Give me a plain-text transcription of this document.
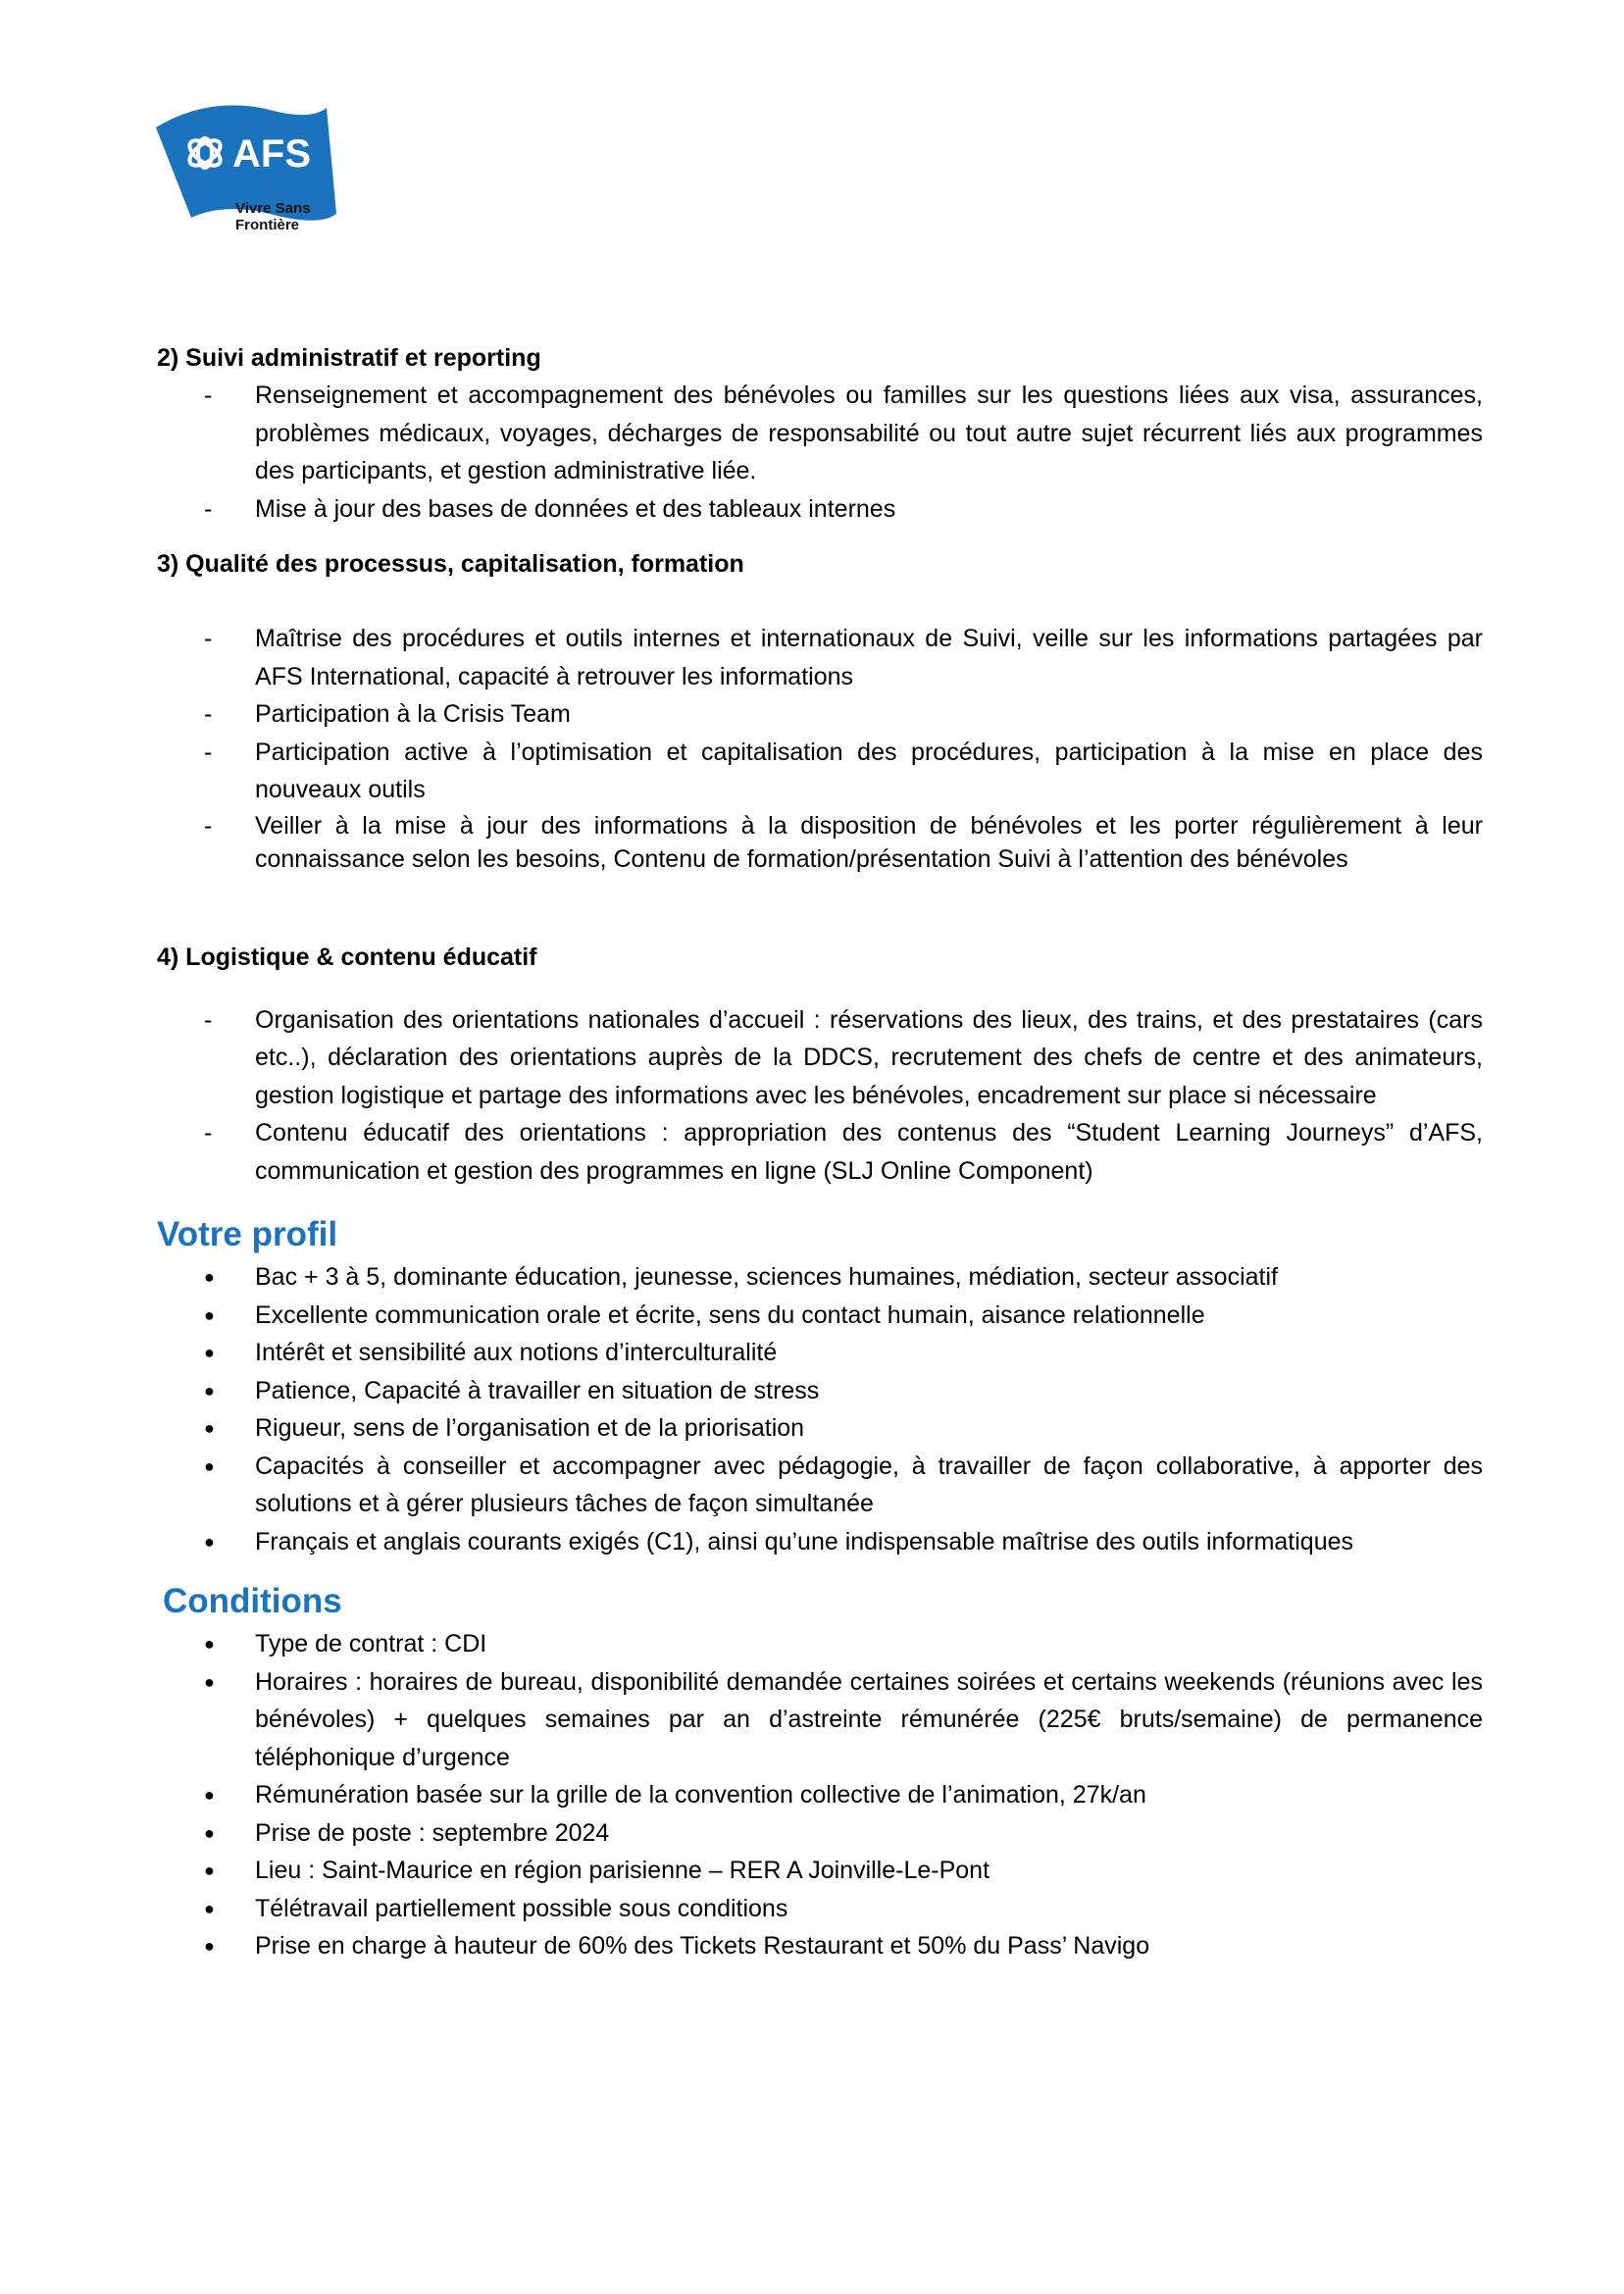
AFS
Vivre Sans
Frontière

2) Suivi administratif et reporting

-	Renseignement et accompagnement des bénévoles ou familles sur les questions liées aux visa, assurances, problèmes médicaux, voyages, décharges de responsabilité ou tout autre sujet récurrent liés aux programmes des participants, et gestion administrative liée.
-	Mise à jour des bases de données et des tableaux internes

3) Qualité des processus, capitalisation, formation

-	Maîtrise des procédures et outils internes et internationaux de Suivi, veille sur les informations partagées par AFS International, capacité à retrouver les informations
-	Participation à la Crisis Team
-	Participation active à l’optimisation et capitalisation des procédures, participation à la mise en place des nouveaux outils
-	Veiller à la mise à jour des informations à la disposition de bénévoles et les porter régulièrement à leur connaissance selon les besoins, Contenu de formation/présentation Suivi à l’attention des bénévoles

4) Logistique & contenu éducatif

-	Organisation des orientations nationales d’accueil : réservations des lieux, des trains, et des prestataires (cars etc..), déclaration des orientations auprès de la DDCS, recrutement des chefs de centre et des animateurs, gestion logistique et partage des informations avec les bénévoles, encadrement sur place si nécessaire
-	Contenu éducatif des orientations : appropriation des contenus des “Student Learning Journeys” d’AFS, communication et gestion des programmes en ligne (SLJ Online Component)

Votre profil

●	Bac + 3 à 5, dominante éducation, jeunesse, sciences humaines, médiation, secteur associatif
●	Excellente communication orale et écrite, sens du contact humain, aisance relationnelle
●	Intérêt et sensibilité aux notions d’interculturalité
●	Patience, Capacité à travailler en situation de stress
●	Rigueur, sens de l’organisation et de la priorisation
●	Capacités à conseiller et accompagner avec pédagogie, à travailler de façon collaborative, à apporter des solutions et à gérer plusieurs tâches de façon simultanée
●	Français et anglais courants exigés (C1), ainsi qu’une indispensable maîtrise des outils informatiques

Conditions

●	Type de contrat : CDI
●	Horaires : horaires de bureau, disponibilité demandée certaines soirées et certains weekends (réunions avec les bénévoles) + quelques semaines par an d’astreinte rémunérée (225€ bruts/semaine) de permanence téléphonique d’urgence
●	Rémunération basée sur la grille de la convention collective de l’animation, 27k/an
●	Prise de poste : septembre 2024
●	Lieu : Saint-Maurice en région parisienne – RER A Joinville-Le-Pont
●	Télétravail partiellement possible sous conditions
●	Prise en charge à hauteur de 60% des Tickets Restaurant et 50% du Pass’ Navigo
